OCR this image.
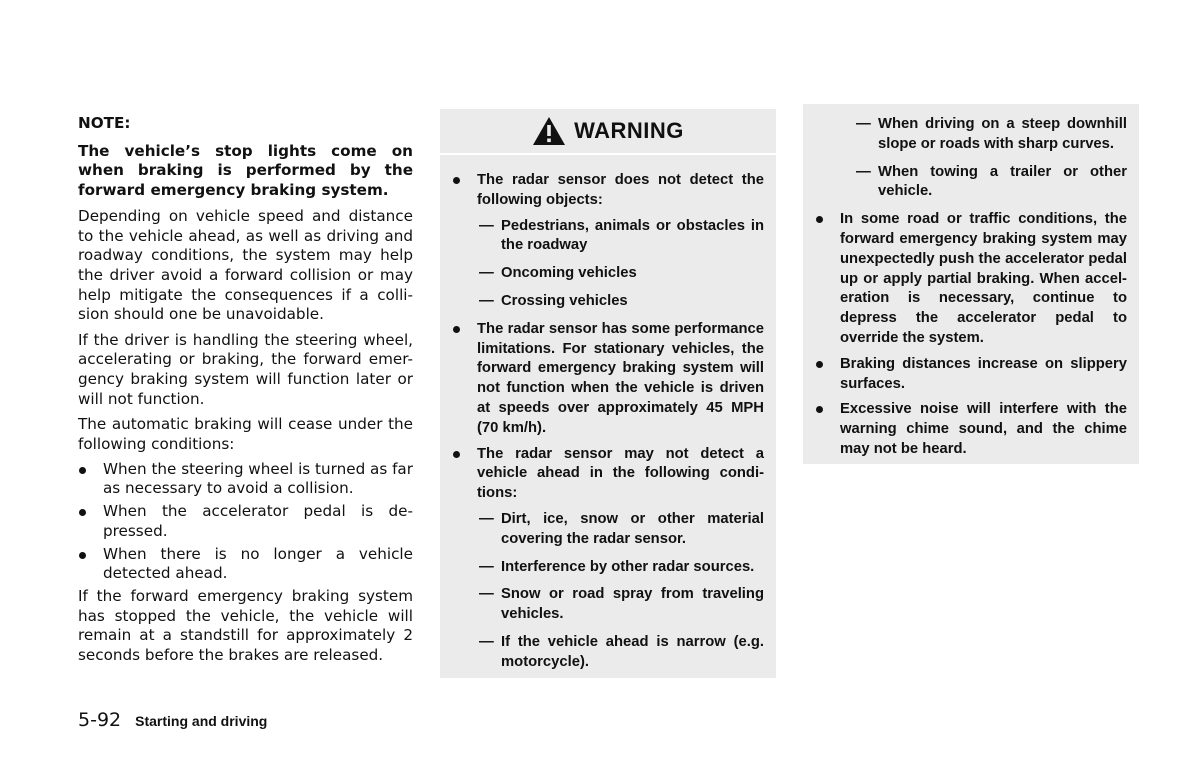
NOTE:

The vehicle’s stop lights come on when braking is performed by the forward emergency braking system.

Depending on vehicle speed and distance to the vehicle ahead, as well as driving and roadway conditions, the system may help the driver avoid a forward collision or may help mitigate the consequences if a colli-sion should one be unavoidable.

If the driver is handling the steering wheel, accelerating or braking, the forward emer-gency braking system will function later or will not function.

The automatic braking will cease under the following conditions:

When the steering wheel is turned as far as necessary to avoid a collision.
When the accelerator pedal is de-pressed.
When there is no longer a vehicle detected ahead.

If the forward emergency braking system has stopped the vehicle, the vehicle will remain at a standstill for approximately 2 seconds before the brakes are released.

WARNING
The radar sensor does not detect the following objects:
— Pedestrians, animals or obstacles in the roadway
— Oncoming vehicles
— Crossing vehicles
The radar sensor has some performance limitations. For stationary vehicles, the forward emergency braking system will not function when the vehicle is driven at speeds over approximately 45 MPH (70 km/h).
The radar sensor may not detect a vehicle ahead in the following condi-tions:
— Dirt, ice, snow or other material covering the radar sensor.
— Interference by other radar sources.
— Snow or road spray from traveling vehicles.
— If the vehicle ahead is narrow (e.g. motorcycle).
— When driving on a steep downhill slope or roads with sharp curves.
— When towing a trailer or other vehicle.
In some road or traffic conditions, the forward emergency braking system may unexpectedly push the accelerator pedal up or apply partial braking. When accel-eration is necessary, continue to depress the accelerator pedal to override the system.
Braking distances increase on slippery surfaces.
Excessive noise will interfere with the warning chime sound, and the chime may not be heard.
5-92 Starting and driving
